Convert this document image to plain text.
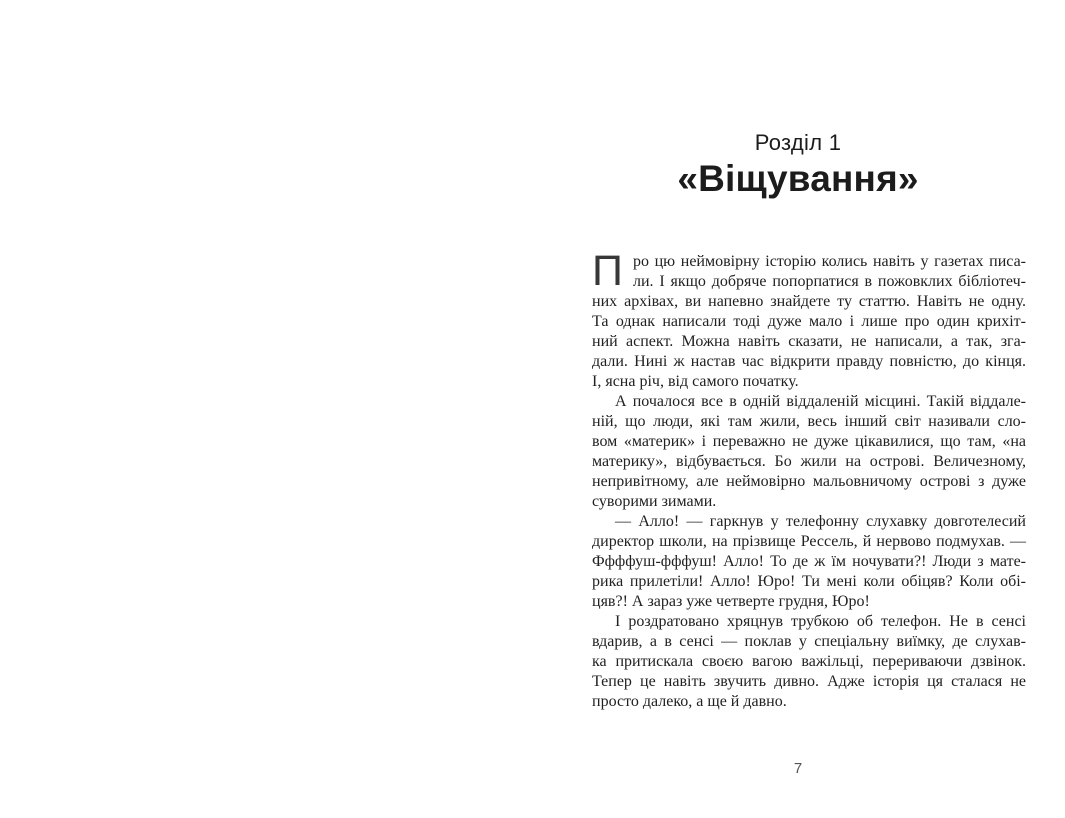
Розділ 1
«Віщування»
П ро цю неймовірну історію колись навіть у газетах писа-
ли. І якщо добряче попорпатися в пожовклих бібліотеч-
них архівах, ви напевно знайдете ту статтю. Навіть не одну.
Та однак написали тоді дуже мало і лише про один крихіт-
ний аспект. Можна навіть сказати, не написали, а так, зга-
дали. Нині ж настав час відкрити правду повністю, до кінця.
І, ясна річ, від самого початку.
А почалося все в одній віддаленій місцині. Такій віддале-
ній, що люди, які там жили, весь інший світ називали сло-
вом «материк» і переважно не дуже цікавилися, що там, «на
материку», відбувається. Бо жили на острові. Величезному,
непривітному, але неймовірно мальовничому острові з дуже
суворими зимами.
— Алло! — гаркнув у телефонну слухавку довготелесий
директор школи, на прізвище Рессель, й нервово подмухав. —
Ффффуш-фффуш! Алло! То де ж їм ночувати?! Люди з мате-
рика прилетіли! Алло! Юро! Ти мені коли обіцяв? Коли обі-
цяв?! А зараз уже четверте грудня, Юро!
І роздратовано хряцнув трубкою об телефон. Не в сенсі
вдарив, а в сенсі — поклав у спеціальну виїмку, де слухав-
ка притискала своєю вагою важільці, перериваючи дзвінок.
Тепер це навіть звучить дивно. Адже історія ця сталася не
просто далеко, а ще й давно.
7
